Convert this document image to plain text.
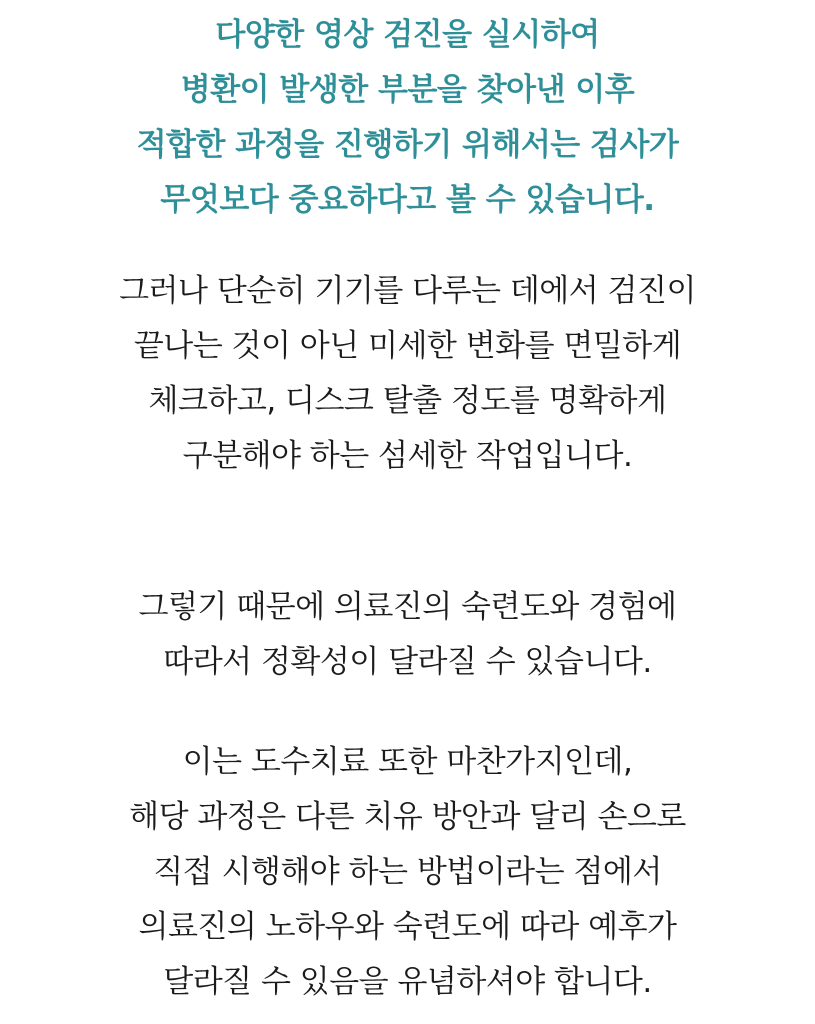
다양한 영상 검진을 실시하여
병환이 발생한 부분을 찾아낸 이후
적합한 과정을 진행하기 위해서는 검사가
무엇보다 중요하다고 볼 수 있습니다.

그러나 단순히 기기를 다루는 데에서 검진이
끝나는 것이 아닌 미세한 변화를 면밀하게
체크하고, 디스크 탈출 정도를 명확하게
구분해야 하는 섬세한 작업입니다.

그렇기 때문에 의료진의 숙련도와 경험에
따라서 정확성이 달라질 수 있습니다.

이는 도수치료 또한 마찬가지인데,
해당 과정은 다른 치유 방안과 달리 손으로
직접 시행해야 하는 방법이라는 점에서
의료진의 노하우와 숙련도에 따라 예후가
달라질 수 있음을 유념하셔야 합니다.
